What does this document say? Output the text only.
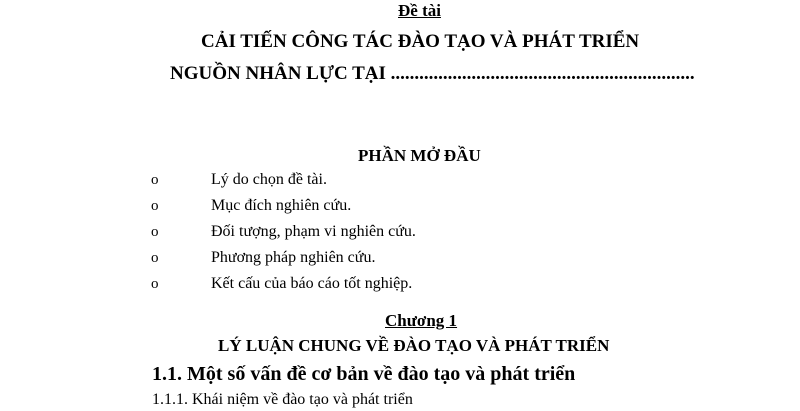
Đề tài
CẢI TIẾN CÔNG TÁC ĐÀO TẠO VÀ PHÁT TRIỂN
NGUỒN NHÂN LỰC TẠI ................................................................
PHẦN MỞ ĐẦU
o	Lý do chọn đề tài.
o	Mục đích nghiên cứu.
o	Đối tượng, phạm vi nghiên cứu.
o	Phương pháp nghiên cứu.
o	Kết cấu của báo cáo tốt nghiệp.
Chương 1
LÝ LUẬN CHUNG VỀ ĐÀO TẠO VÀ PHÁT TRIỂN
1.1. Một số vấn đề cơ bản về đào tạo và phát triển
1.1.1. Khái niệm về đào tạo và phát triển
